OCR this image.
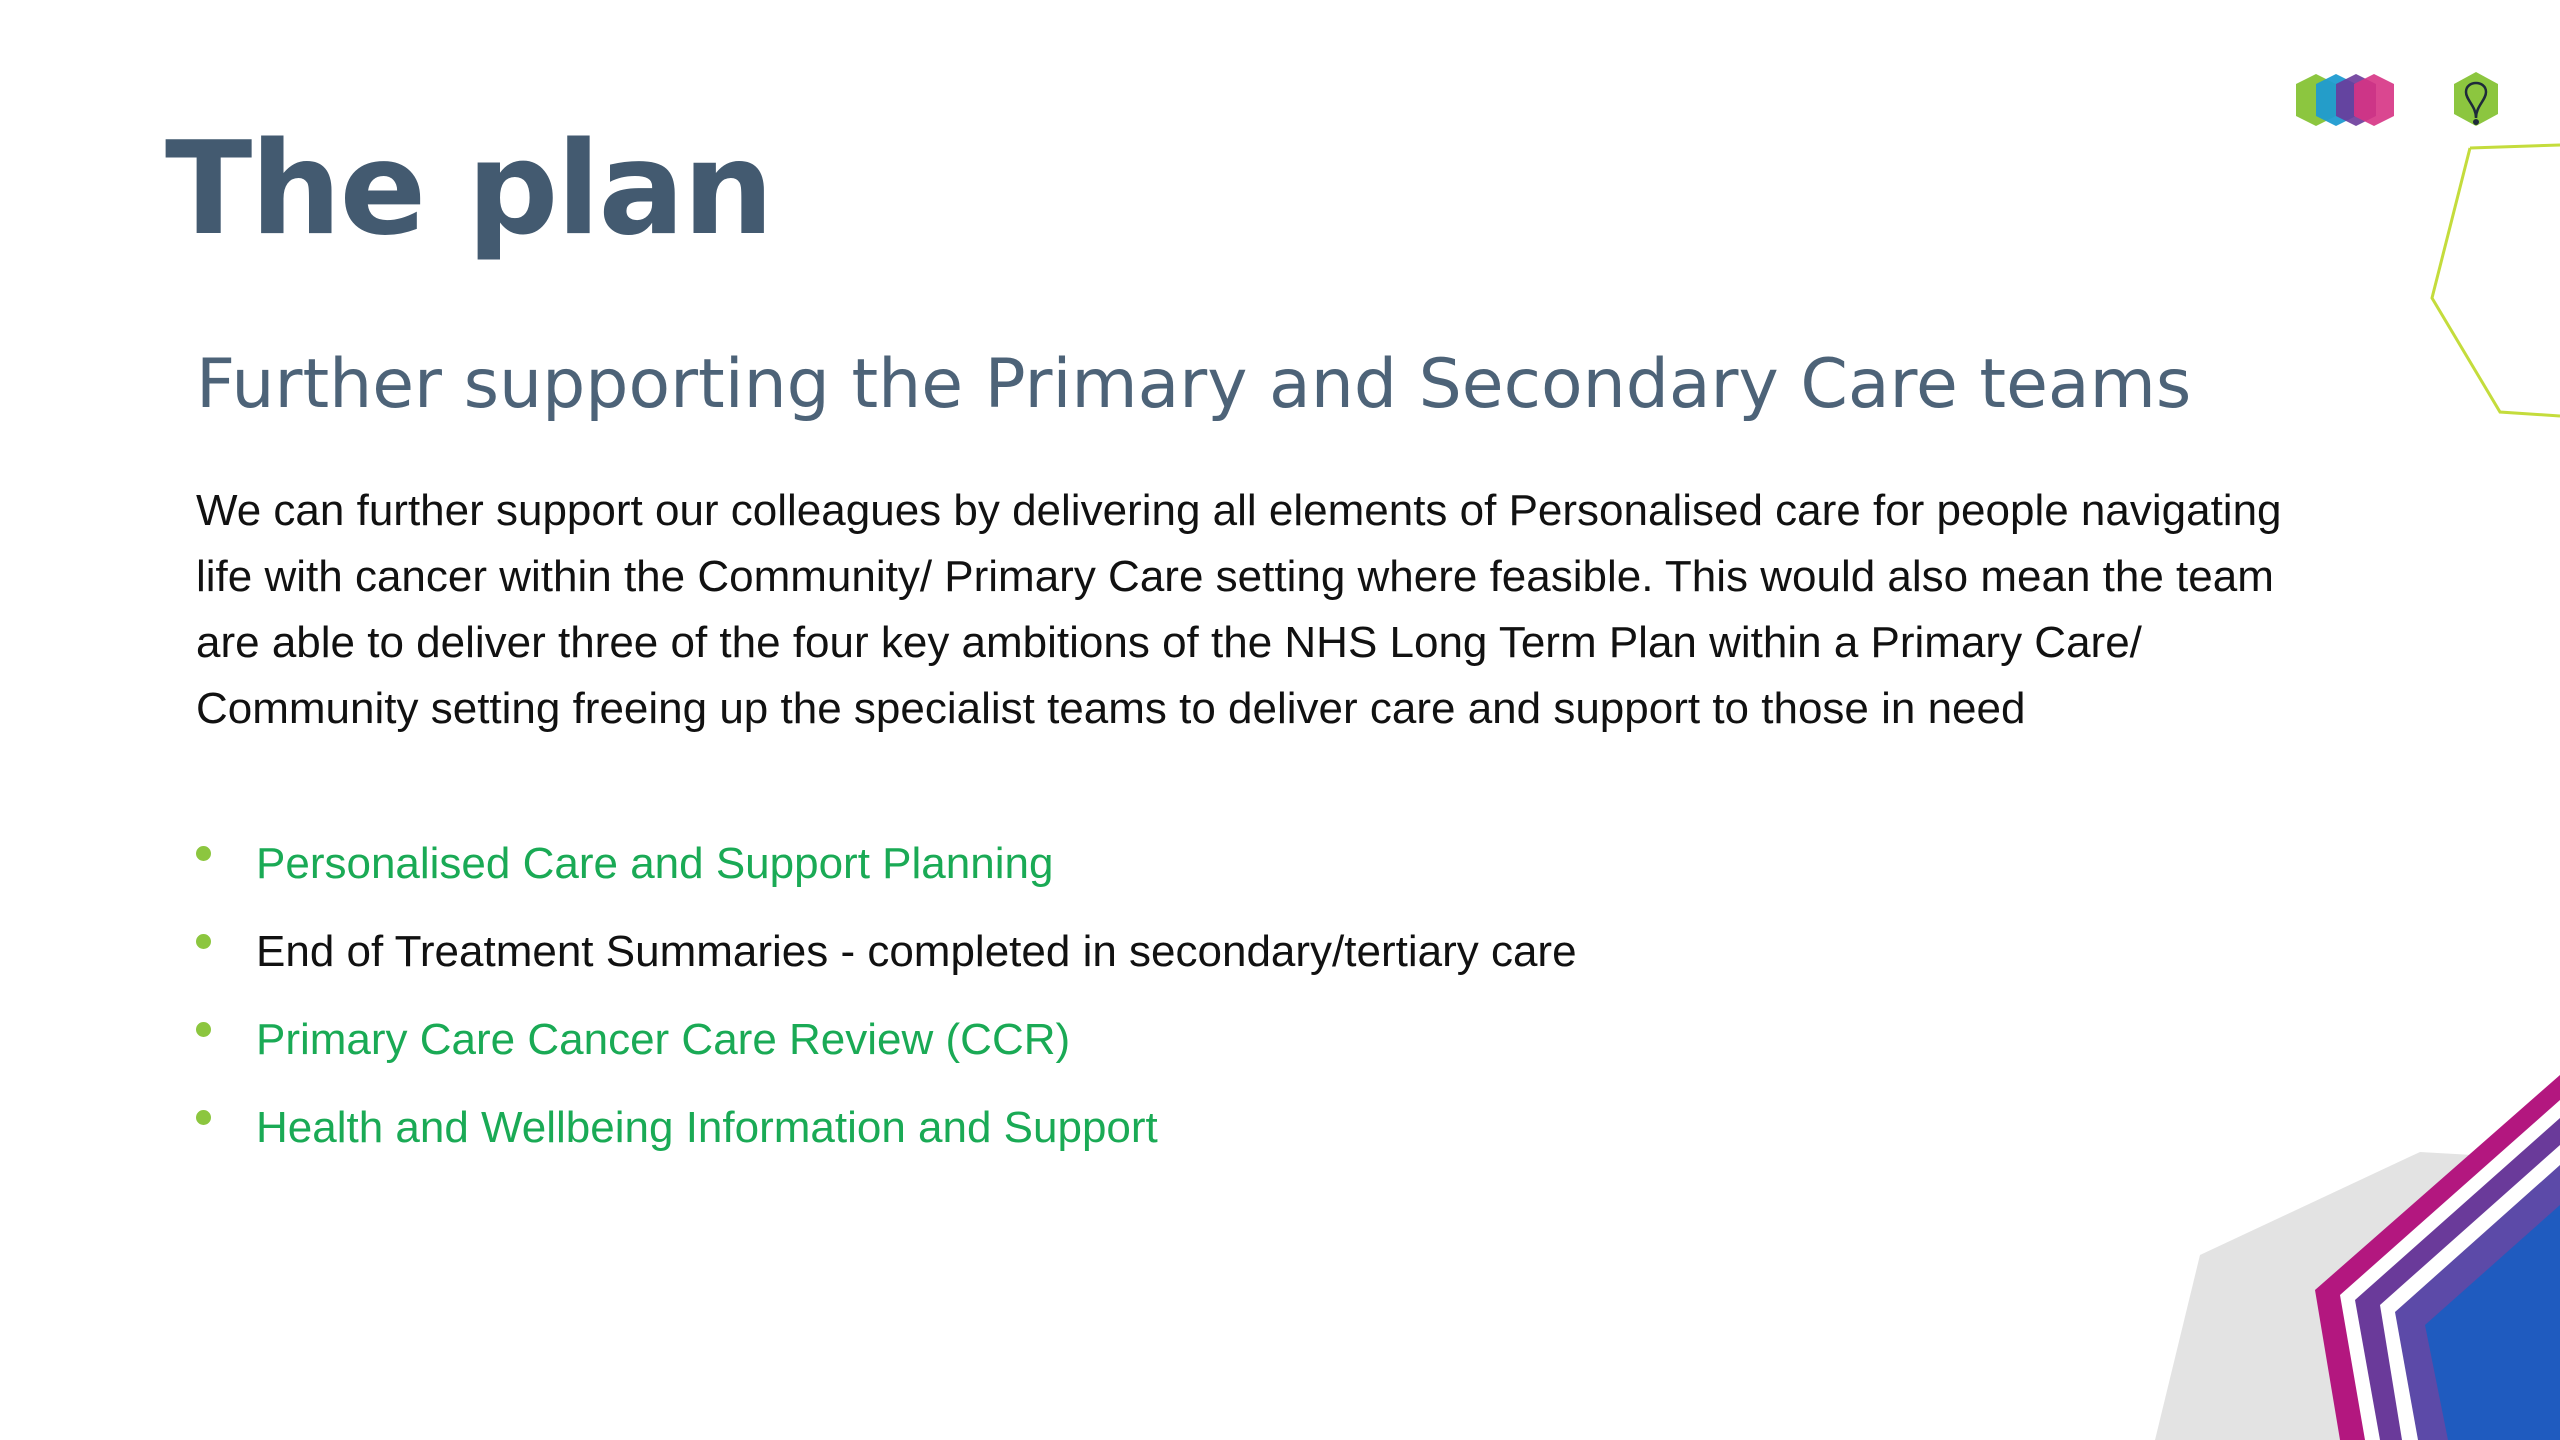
The plan
Further supporting the Primary and Secondary Care teams

We can further support our colleagues by delivering all elements of Personalised care for people navigating life with cancer within the Community/ Primary Care setting where feasible. This would also mean the team are able to deliver three of the four key ambitions of the NHS Long Term Plan within a Primary Care/ Community setting freeing up the specialist teams to deliver care and support to those in need

Personalised Care and Support Planning
End of Treatment Summaries - completed in secondary/tertiary care
Primary Care Cancer Care Review (CCR)
Health and Wellbeing Information and Support
